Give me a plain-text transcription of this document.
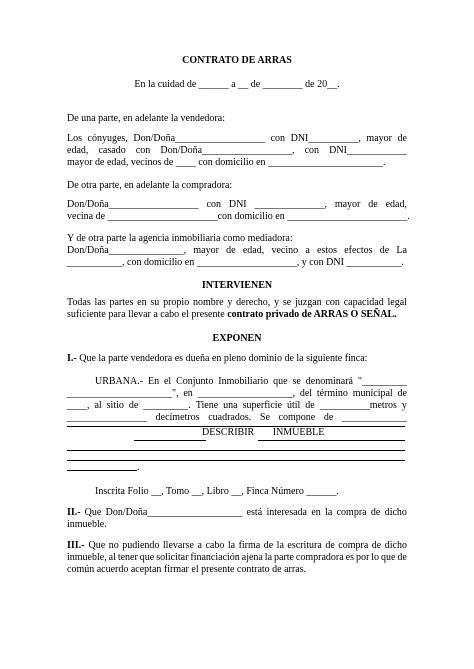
CONTRATO DE ARRAS
En la cuidad de ______ a __ de ________ de 20__.
De una parte, en adelante la vendedora:
Los cónyuges, Don/Doña__________________ con DNI__________, mayor de
edad, casado con Don/Doña__________________, con DNI____________
mayor de edad, vecinos de ____ con domicilio en _______________________.
De otra parte, en adelante la compradora:
Don/Doña__________________ con DNI ______________, mayor de edad,
vecina de ______________________con domicilio en ________________________.
Y de otra parte la agencia inmobiliaria como mediadora:
Don/Doña_______________, mayor de edad, vecino a estos efectos de La
___________, con domicilio en ____________________, y con DNI ___________.
INTERVIENEN
Todas las partes en su propio nombre y derecho, y se juzgan con capacidad legal
suficiente para llevar a cabo el presente contrato privado de ARRAS O SEÑAL.
EXPONEN
I.- Que la parte vendedora es dueña en pleno dominio de la siguiente finca:
URBANA.- En el Conjunto Inmobiliario que se denominará "_________
_____________________", en ___________________, del término municipal de
____, al sitio de _________. Tiene una superficie útil de __________metros y
________________ decímetros cuadrados. Se compone de _____________
DESCRIBIR INMUEBLE
.
Inscrita Folio __, Tomo __, Libro __, Finca Número ______.
II.- Que Don/Doña___________________ está interesada en la compra de dicho
inmueble.
III.- Que no pudiendo llevarse a cabo la firma de la escritura de compra de dicho
inmueble, al tener que solicitar financiación ajena la parte compradora es por lo que de
común acuerdo aceptan firmar el presente contrato de arras.
